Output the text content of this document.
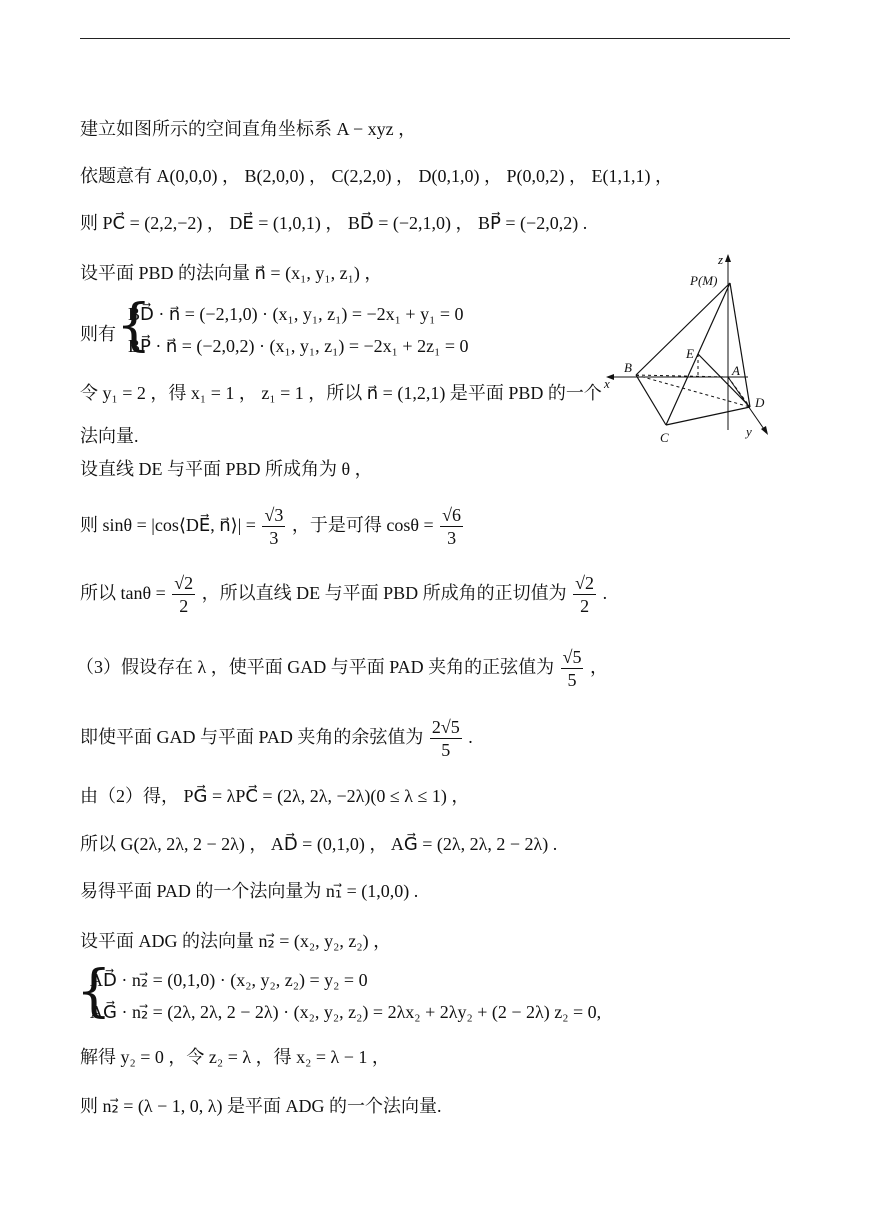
建立如图所示的空间直角坐标系 A − xyz ，
依题意有 A(0,0,0) ， B(2,0,0) ， C(2,2,0) ， D(0,1,0) ， P(0,0,2) ， E(1,1,1) ，
则 PC⃗ = (2,2,−2) ， DE⃗ = (1,0,1) ， BD⃗ = (−2,1,0) ， BP⃗ = (−2,0,2) .
设平面 PBD 的法向量 n⃗ = (x₁, y₁, z₁) ，
则有 {
BD⃗ · n⃗ = (−2,1,0) · (x₁, y₁, z₁) = −2x₁ + y₁ = 0
BP⃗ · n⃗ = (−2,0,2) · (x₁, y₁, z₁) = −2x₁ + 2z₁ = 0
令 y₁ = 2 ，得 x₁ = 1 ， z₁ = 1 ，所以 n⃗ = (1,2,1) 是平面 PBD 的一个
法向量.
设直线 DE 与平面 PBD 所成角为 θ ，
则 sinθ = |cos⟨DE⃗, n⃗⟩| = $\frac{√3}{3}$ ，于是可得 $\cos\theta = \frac{√6}{3}$
所以 $\tan\theta = \frac{√2}{2}$ ，所以直线 DE 与平面 PBD 所成角的正切值为 $\frac{√2}{2}$ .
（3）假设存在 λ ，使平面 GAD 与平面 PAD 夹角的正弦值为 $\frac{√5}{5}$ ，
即使平面 GAD 与平面 PAD 夹角的余弦值为 $\frac{2√5}{5}$ .
由（2）得， PG⃗ = λPC⃗ = (2λ, 2λ, −2λ)(0 ≤ λ ≤ 1) ，
所以 G(2λ, 2λ, 2 − 2λ) ， AD⃗ = (0,1,0) ， AG⃗ = (2λ, 2λ, 2 − 2λ) .
易得平面 PAD 的一个法向量为 n₁⃗ = (1,0,0) .
设平面 ADG 的法向量 n₂⃗ = (x₂, y₂, z₂) ，
{
AD⃗ · n₂⃗ = (0,1,0) · (x₂, y₂, z₂) = y₂ = 0
AG⃗ · n₂⃗ = (2λ, 2λ, 2 − 2λ) · (x₂, y₂, z₂) = 2λx₂ + 2λy₂ + (2 − 2λ) z₂ = 0,
解得 y₂ = 0 ，令 z₂ = λ ，得 x₂ = λ − 1 ，
则 n₂⃗ = (λ − 1, 0, λ) 是平面 ADG 的一个法向量.
z
P(M)
E
B	A
x
D
C	y
